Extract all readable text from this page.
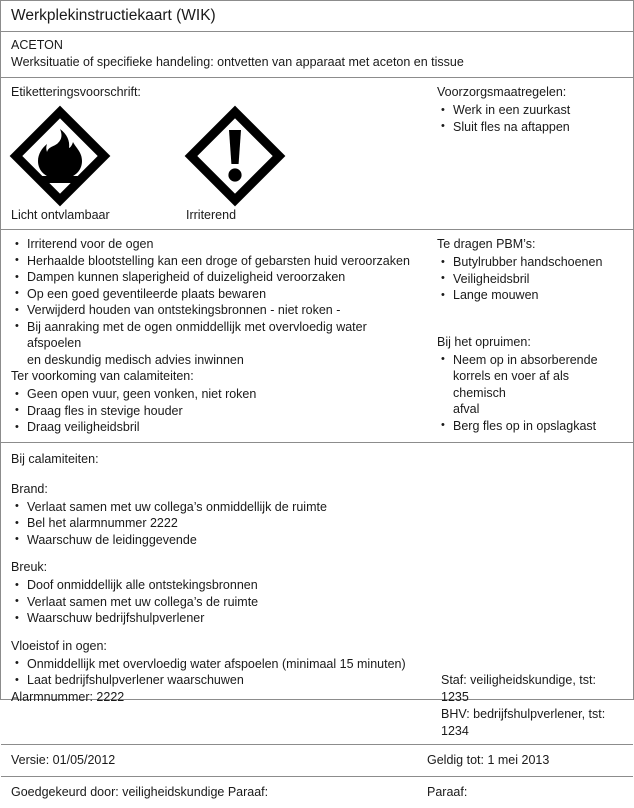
Werkplekinstructiekaart (WIK)
ACETON
Werksituatie of specifieke handeling: ontvetten van apparaat met aceton en tissue
Etiketteringsvoorschrift:
Licht ontvlambaar	Irriterend
Voorzorgsmaatregelen:
• Werk in een zuurkast
• Sluit fles na aftappen
• Irriterend voor de ogen
• Herhaalde blootstelling kan een droge of gebarsten huid veroorzaken
• Dampen kunnen slaperigheid of duizeligheid veroorzaken
• Op een goed geventileerde plaats bewaren
• Verwijderd houden van ontstekingsbronnen - niet roken -
• Bij aanraking met de ogen onmiddellijk met overvloedig water afspoelen
en deskundig medisch advies inwinnen
Ter voorkoming van calamiteiten:
• Geen open vuur, geen vonken, niet roken
• Draag fles in stevige houder
• Draag veiligheidsbril
Te dragen PBM’s:
• Butylrubber handschoenen
• Veiligheidsbril
• Lange mouwen
Bij het opruimen:
• Neem op in absorberende
korrels en voer af als chemisch
afval
• Berg fles op in opslagkast
Bij calamiteiten:
Brand:
• Verlaat samen met uw collega’s onmiddellijk de ruimte
• Bel het alarmnummer 2222
• Waarschuw de leidinggevende
Breuk:
• Doof onmiddellijk alle ontstekingsbronnen
• Verlaat samen met uw collega’s de ruimte
• Waarschuw bedrijfshulpverlener
Vloeistof in ogen:
• Onmiddellijk met overvloedig water afspoelen (minimaal 15 minuten)
• Laat bedrijfshulpverlener waarschuwen
Alarmnummer: 2222
Staf: veiligheidskundige, tst: 1235
BHV: bedrijfshulpverlener, tst: 1234
Versie: 01/05/2012	Geldig tot: 1 mei 2013
Goedgekeurd door: veiligheidskundige Paraaf:	Paraaf:
